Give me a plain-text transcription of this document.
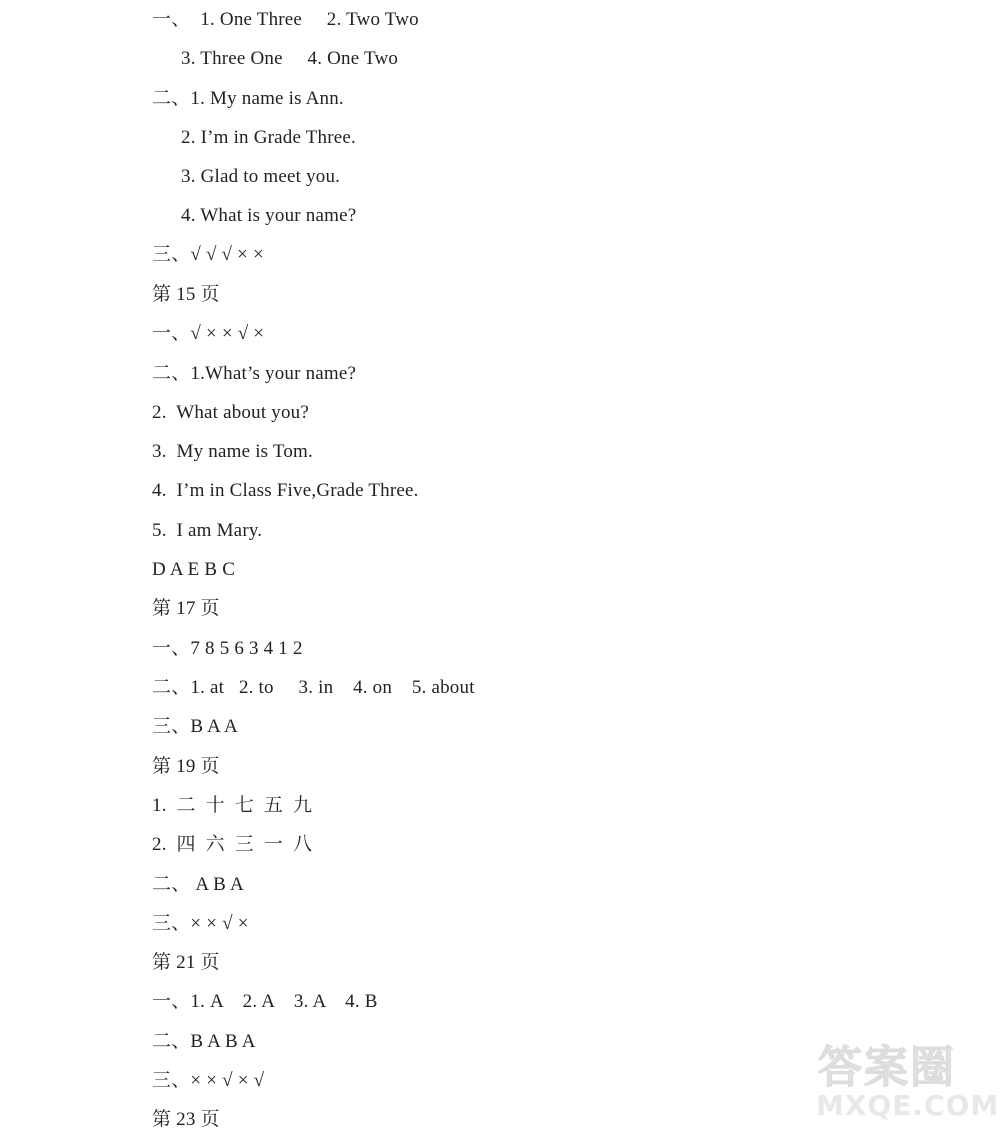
一、  1. One Three     2. Two Two
3. Three One     4. One Two
二、1. My name is Ann.
2. I’m in Grade Three.
3. Glad to meet you.
4. What is your name?
三、√ √ √ × ×
第 15 页
一、√ × × √ ×
二、1.What’s your name?
2.  What about you?
3.  My name is Tom.
4.  I’m in Class Five,Grade Three.
5.  I am Mary.
D A E B C
第 17 页
一、7 8 5 6 3 4 1 2
二、1. at   2. to     3. in    4. on    5. about
三、B A A
第 19 页
1.  二  十  七  五  九
2.  四  六  三  一  八
二、 A B A
三、× × √ ×
第 21 页
一、1. A    2. A    3. A    4. B
二、B A B A
三、× × √ × √
第 23 页
答案圈
MXQE.COM
